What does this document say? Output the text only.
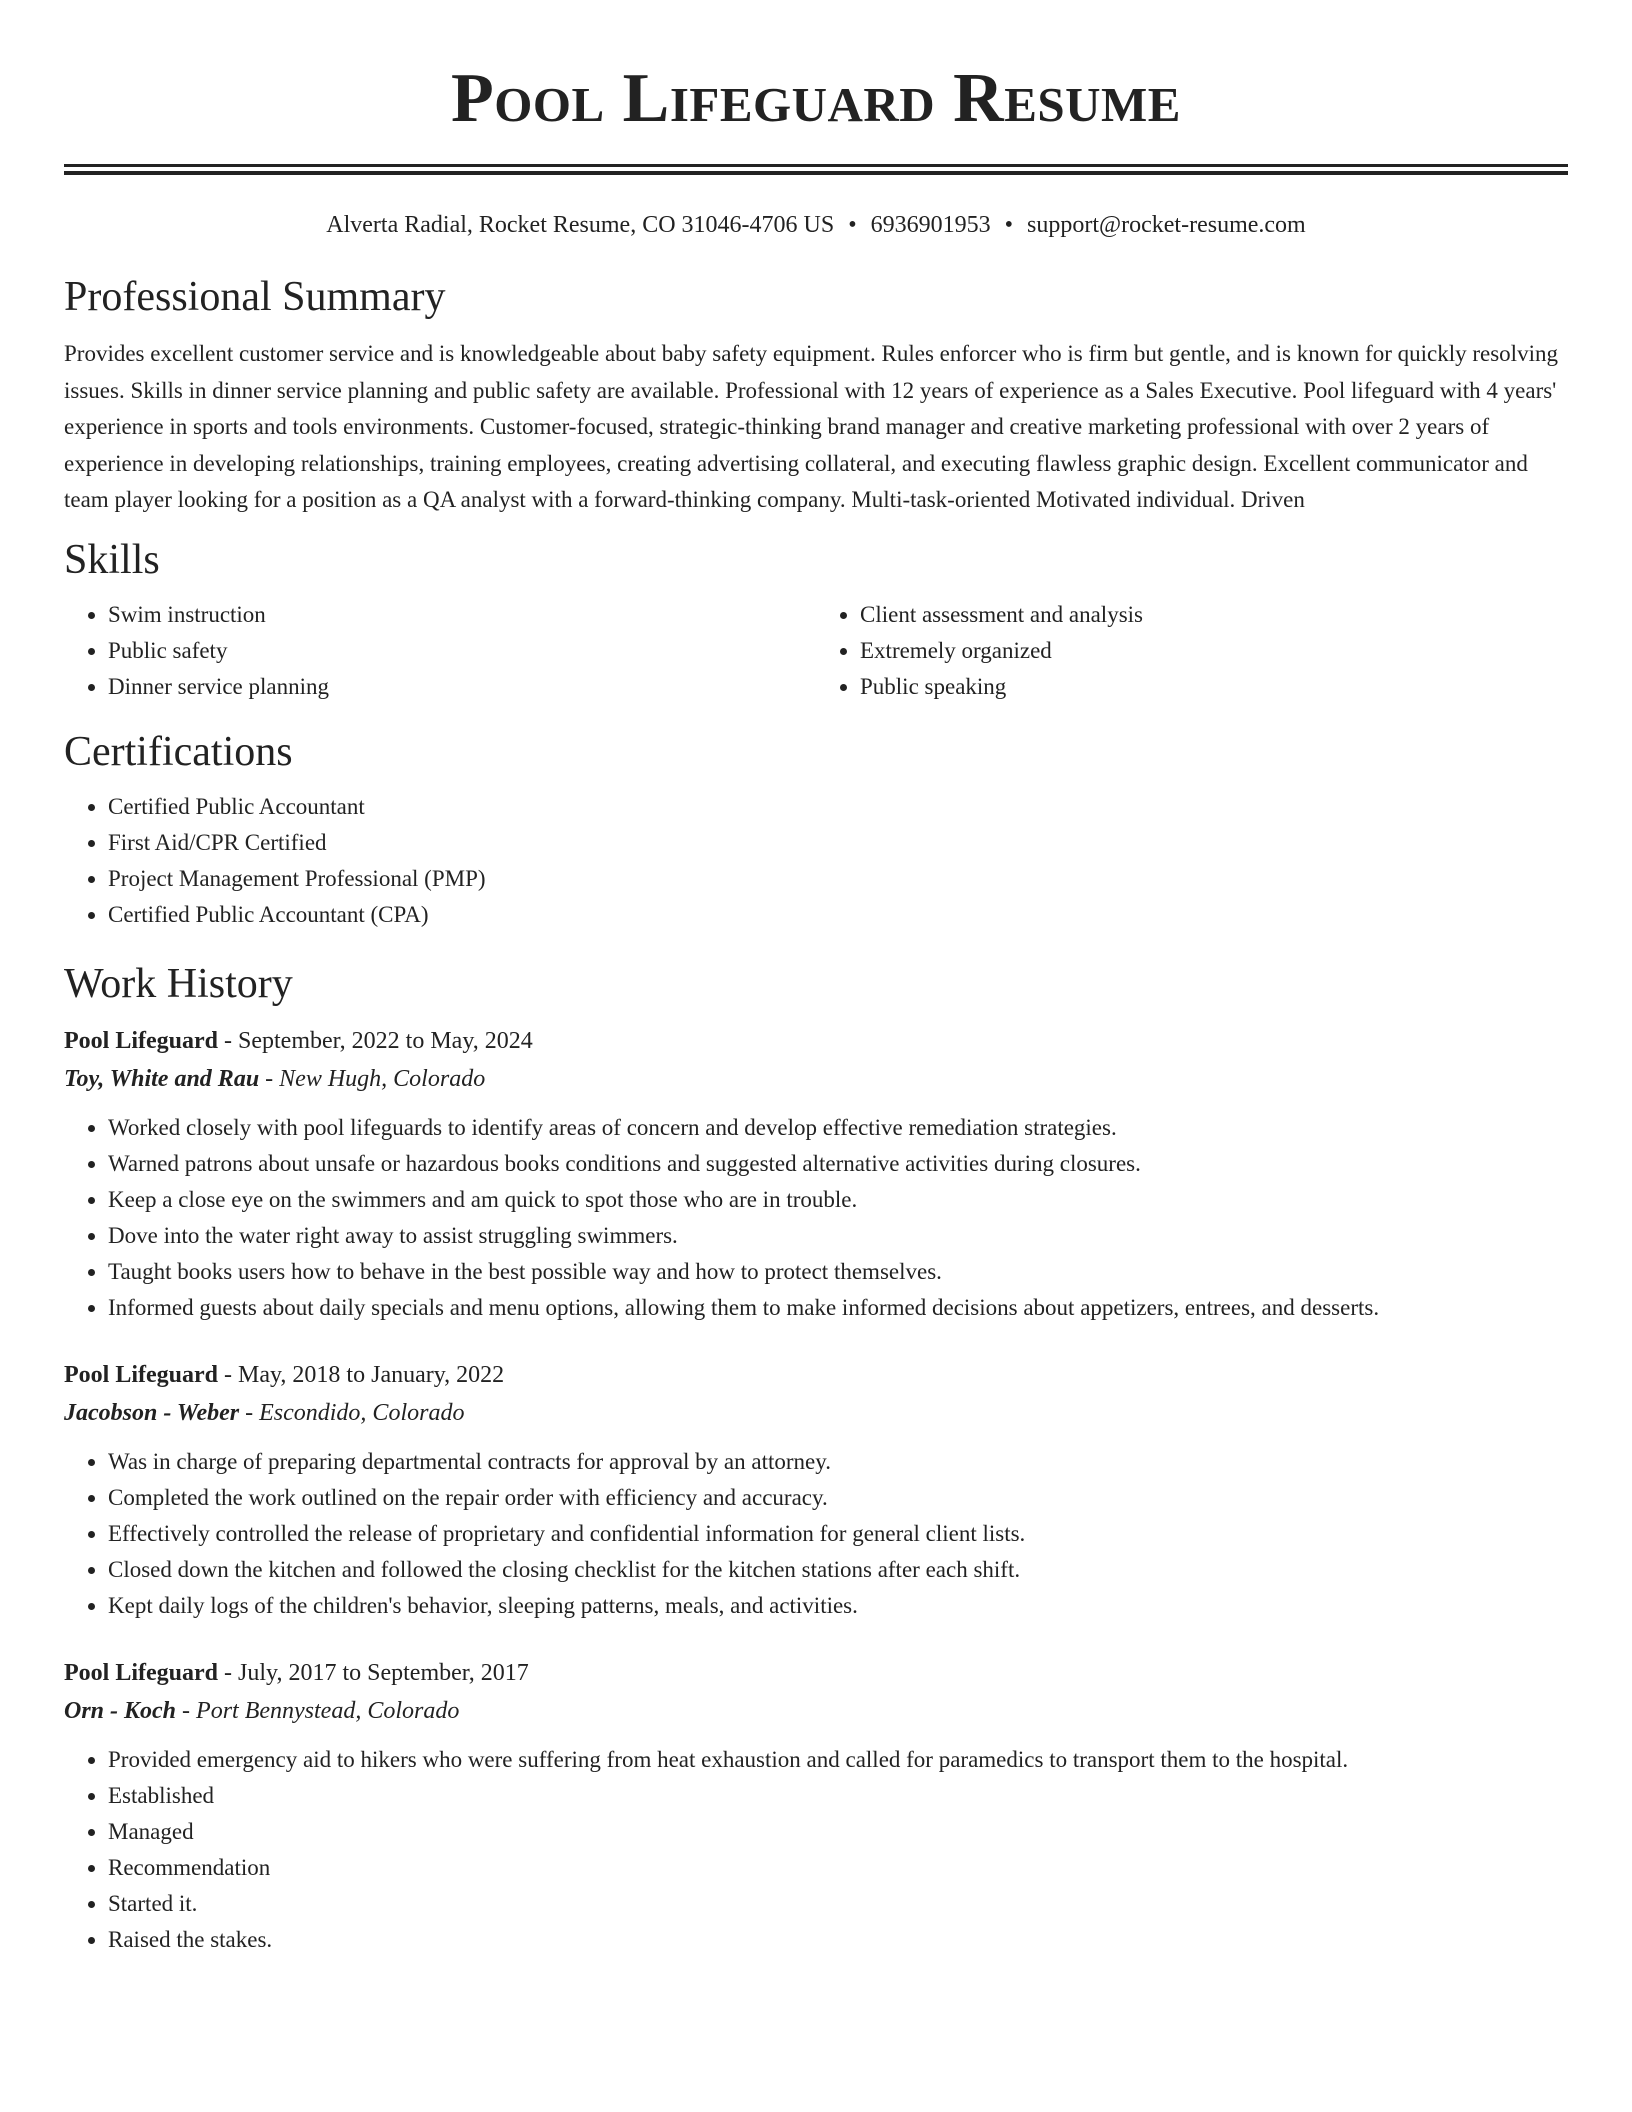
Pool Lifeguard Resume
Alverta Radial, Rocket Resume, CO 31046-4706 US • 6936901953 • support@rocket-resume.com
Professional Summary

Provides excellent customer service and is knowledgeable about baby safety equipment. Rules enforcer who is firm but gentle, and is known for quickly resolving issues. Skills in dinner service planning and public safety are available. Professional with 12 years of experience as a Sales Executive. Pool lifeguard with 4 years' experience in sports and tools environments. Customer-focused, strategic-thinking brand manager and creative marketing professional with over 2 years of experience in developing relationships, training employees, creating advertising collateral, and executing flawless graphic design. Excellent communicator and team player looking for a position as a QA analyst with a forward-thinking company. Multi-task-oriented Motivated individual. Driven

Skills
• Swim instruction
• Public safety
• Dinner service planning
• Client assessment and analysis
• Extremely organized
• Public speaking
Certifications
• Certified Public Accountant
• First Aid/CPR Certified
• Project Management Professional (PMP)
• Certified Public Accountant (CPA)
Work History
Pool Lifeguard - September, 2022 to May, 2024
Toy, White and Rau - New Hugh, Colorado
• Worked closely with pool lifeguards to identify areas of concern and develop effective remediation strategies.
• Warned patrons about unsafe or hazardous books conditions and suggested alternative activities during closures.
• Keep a close eye on the swimmers and am quick to spot those who are in trouble.
• Dove into the water right away to assist struggling swimmers.
• Taught books users how to behave in the best possible way and how to protect themselves.
• Informed guests about daily specials and menu options, allowing them to make informed decisions about appetizers, entrees, and desserts.
Pool Lifeguard - May, 2018 to January, 2022
Jacobson - Weber - Escondido, Colorado
• Was in charge of preparing departmental contracts for approval by an attorney.
• Completed the work outlined on the repair order with efficiency and accuracy.
• Effectively controlled the release of proprietary and confidential information for general client lists.
• Closed down the kitchen and followed the closing checklist for the kitchen stations after each shift.
• Kept daily logs of the children's behavior, sleeping patterns, meals, and activities.
Pool Lifeguard - July, 2017 to September, 2017
Orn - Koch - Port Bennystead, Colorado
• Provided emergency aid to hikers who were suffering from heat exhaustion and called for paramedics to transport them to the hospital.
• Established
• Managed
• Recommendation
• Started it.
• Raised the stakes.
